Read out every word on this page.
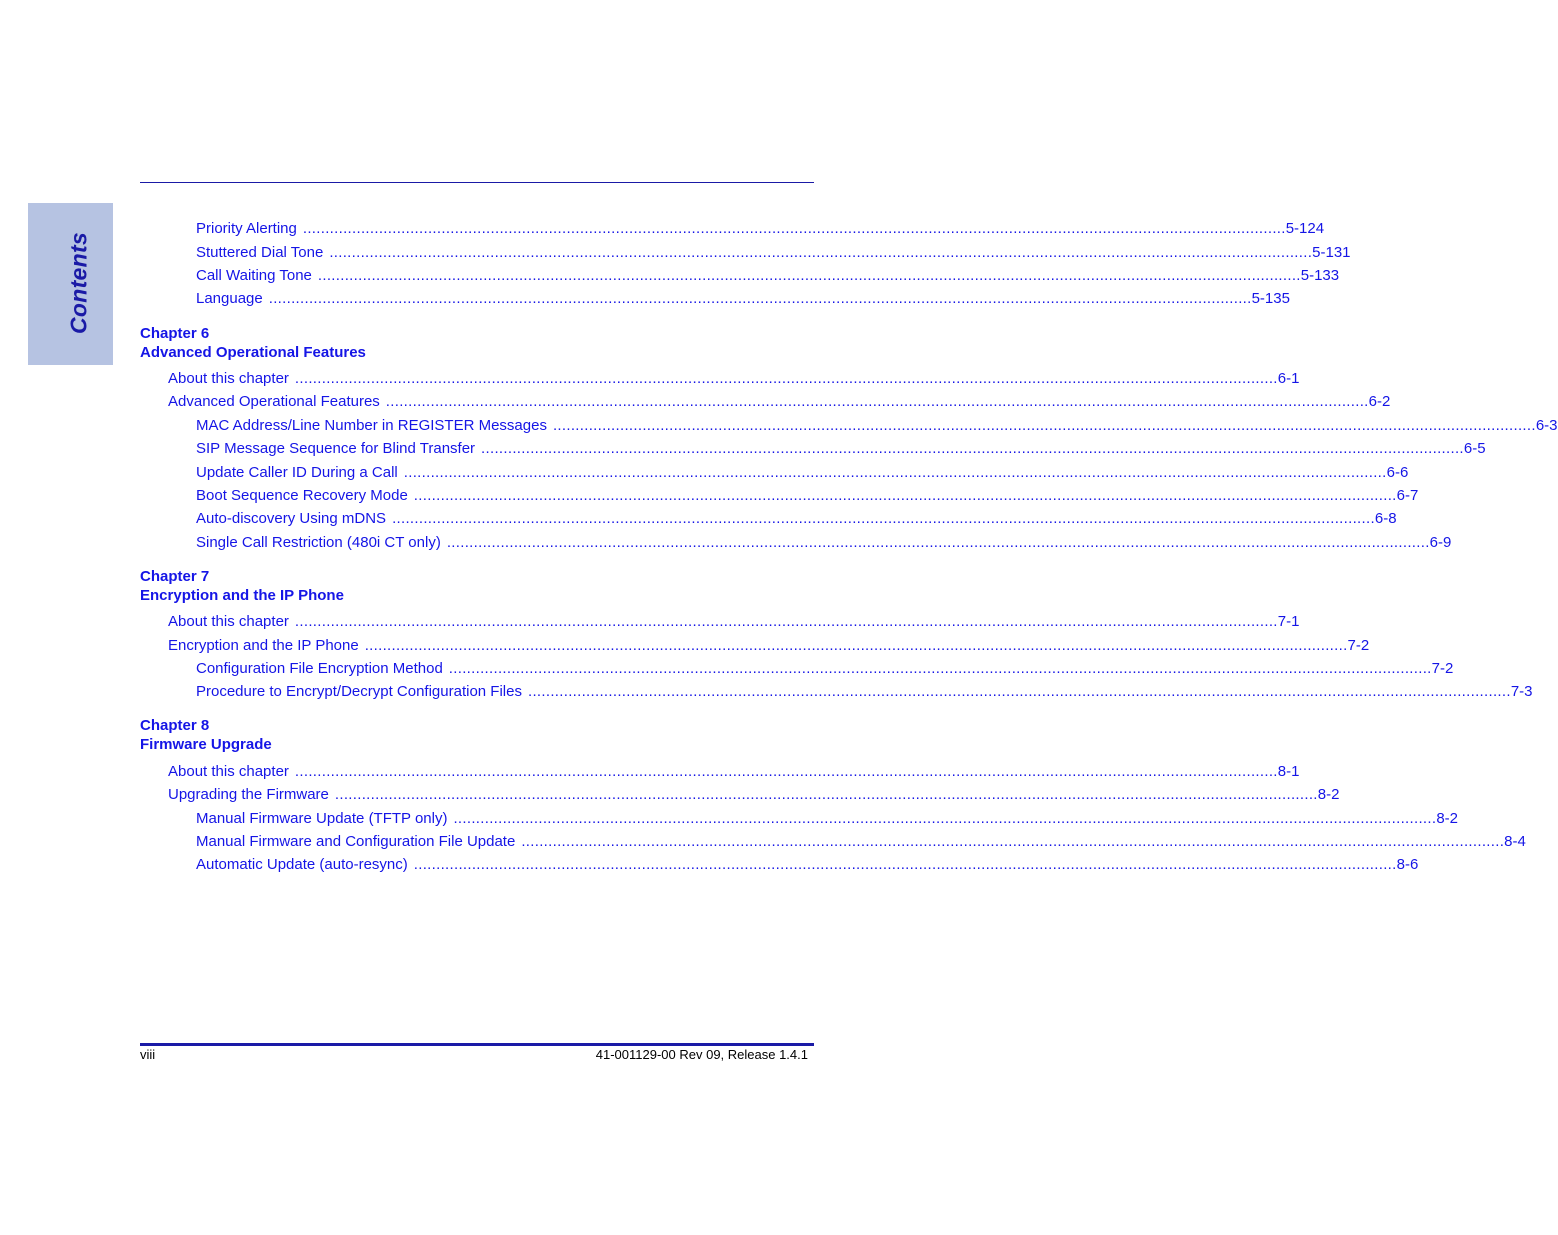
Contents
Priority Alerting ............................................................................................................................................................................................................................ 5-124
Stuttered Dial Tone ............................................................................................................................................................................................................................ 5-131
Call Waiting Tone ............................................................................................................................................................................................................................ 5-133
Language ............................................................................................................................................................................................................................ 5-135
Chapter 6
Advanced Operational Features
About this chapter ............................................................................................................................................................................................................................ 6-1
Advanced Operational Features ............................................................................................................................................................................................................................ 6-2
MAC Address/Line Number in REGISTER Messages ............................................................................................................................................................................................................................ 6-3
SIP Message Sequence for Blind Transfer ............................................................................................................................................................................................................................ 6-5
Update Caller ID During a Call ............................................................................................................................................................................................................................ 6-6
Boot Sequence Recovery Mode ............................................................................................................................................................................................................................ 6-7
Auto-discovery Using mDNS ............................................................................................................................................................................................................................ 6-8
Single Call Restriction (480i CT only) ............................................................................................................................................................................................................................ 6-9
Chapter 7
Encryption and the IP Phone
About this chapter ............................................................................................................................................................................................................................ 7-1
Encryption and the IP Phone ............................................................................................................................................................................................................................ 7-2
Configuration File Encryption Method ............................................................................................................................................................................................................................ 7-2
Procedure to Encrypt/Decrypt Configuration Files ............................................................................................................................................................................................................................ 7-3
Chapter 8
Firmware Upgrade
About this chapter ............................................................................................................................................................................................................................ 8-1
Upgrading the Firmware ............................................................................................................................................................................................................................ 8-2
Manual Firmware Update (TFTP only) ............................................................................................................................................................................................................................ 8-2
Manual Firmware and Configuration File Update ............................................................................................................................................................................................................................ 8-4
Automatic Update (auto-resync) ............................................................................................................................................................................................................................ 8-6
viii	41-001129-00 Rev 09, Release 1.4.1
